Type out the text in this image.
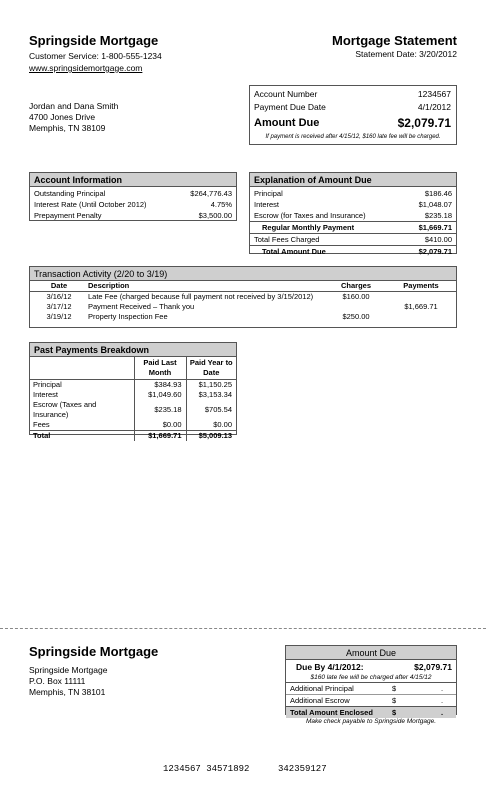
Springside Mortgage
Customer Service: 1-800-555-1234
www.springsidemortgage.com
Mortgage Statement
Statement Date: 3/20/2012
Jordan and Dana Smith
4700 Jones Drive
Memphis, TN 38109
Account Number	1234567
Payment Due Date	4/1/2012
Amount Due	$2,079.71
If payment is received after 4/15/12, $160 late fee will be charged.
Account Information
Outstanding Principal	$264,776.43
Interest Rate (Until October 2012)	4.75%
Prepayment Penalty	$3,500.00
Explanation of Amount Due
Principal	$186.46
Interest	$1,048.07
Escrow (for Taxes and Insurance)	$235.18
Regular Monthly Payment	$1,669.71
Total Fees Charged	$410.00
Total Amount Due	$2,079.71
Transaction Activity (2/20 to 3/19)
Date	Description	Charges	Payments
3/16/12	Late Fee (charged because full payment not received by 3/15/2012)	$160.00	
3/17/12	Payment Received – Thank you		$1,669.71
3/19/12	Property Inspection Fee	$250.00	
Past Payments Breakdown
	Paid Last Month	Paid Year to Date
Principal	$384.93	$1,150.25
Interest	$1,049.60	$3,153.34
Escrow (Taxes and Insurance)	$235.18	$705.54
Fees	$0.00	$0.00
Total	$1,669.71	$5,009.13
Springside Mortgage
Springside Mortgage
P.O. Box 11111
Memphis, TN 38101
Amount Due
Due By 4/1/2012:	$2,079.71
$160 late fee will be charged after 4/15/12
Additional Principal	$	.
Additional Escrow	$	.
Total Amount Enclosed	$	.
Make check payable to Springside Mortgage.
1234567 34571892	342359127
